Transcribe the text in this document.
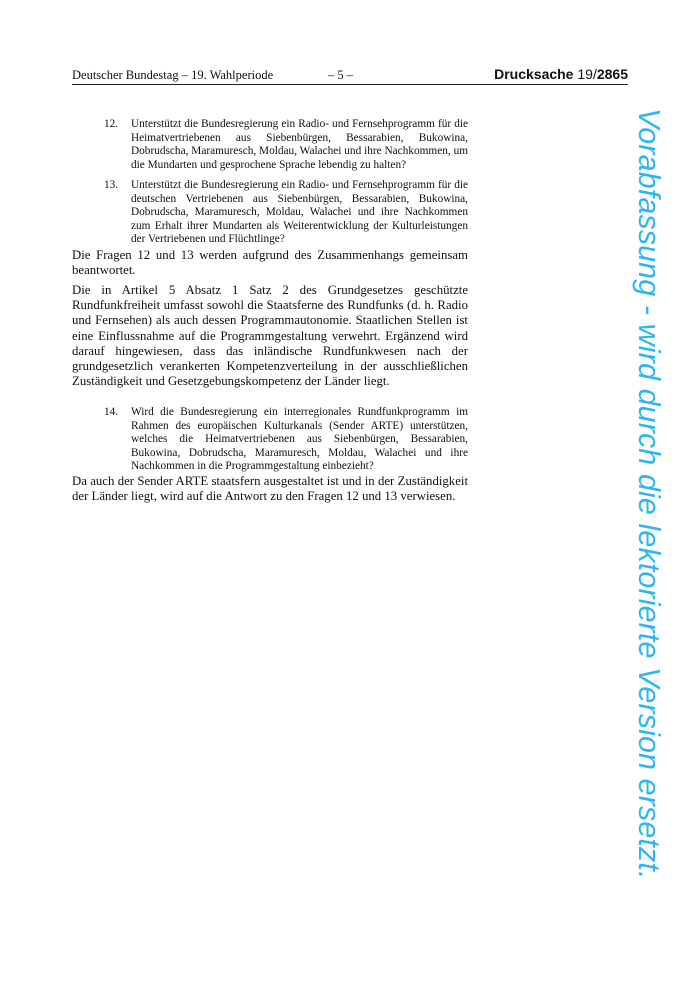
Deutscher Bundestag – 19. Wahlperiode	– 5 –	Drucksache 19/2865
12.	Unterstützt die Bundesregierung ein Radio- und Fernsehprogramm für die Heimatvertriebenen aus Siebenbürgen, Bessarabien, Bukowina, Dobrudscha, Maramuresch, Moldau, Walachei und ihre Nachkommen, um die Mundarten und gesprochene Sprache lebendig zu halten?
13.	Unterstützt die Bundesregierung ein Radio- und Fernsehprogramm für die deutschen Vertriebenen aus Siebenbürgen, Bessarabien, Bukowina, Dobrudscha, Maramuresch, Moldau, Walachei und ihre Nachkommen zum Erhalt ihrer Mundarten als Weiterentwicklung der Kulturleistungen der Vertriebenen und Flüchtlinge?
Die Fragen 12 und 13 werden aufgrund des Zusammenhangs gemeinsam beantwortet.
Die in Artikel 5 Absatz 1 Satz 2 des Grundgesetzes geschützte Rundfunkfreiheit umfasst sowohl die Staatsferne des Rundfunks (d. h. Radio und Fernsehen) als auch dessen Programmautonomie. Staatlichen Stellen ist eine Einflussnahme auf die Programmgestaltung verwehrt. Ergänzend wird darauf hingewiesen, dass das inländische Rundfunkwesen nach der grundgesetzlich verankerten Kompetenzverteilung in der ausschließlichen Zuständigkeit und Gesetzgebungskompetenz der Länder liegt.
14.	Wird die Bundesregierung ein interregionales Rundfunkprogramm im Rahmen des europäischen Kulturkanals (Sender ARTE) unterstützen, welches die Heimatvertriebenen aus Siebenbürgen, Bessarabien, Bukowina, Dobrudscha, Maramuresch, Moldau, Walachei und ihre Nachkommen in die Programmgestaltung einbezieht?
Da auch der Sender ARTE staatsfern ausgestaltet ist und in der Zuständigkeit der Länder liegt, wird auf die Antwort zu den Fragen 12 und 13 verwiesen.	Vorabfassung - wird durch die lektorierte Version ersetzt.
